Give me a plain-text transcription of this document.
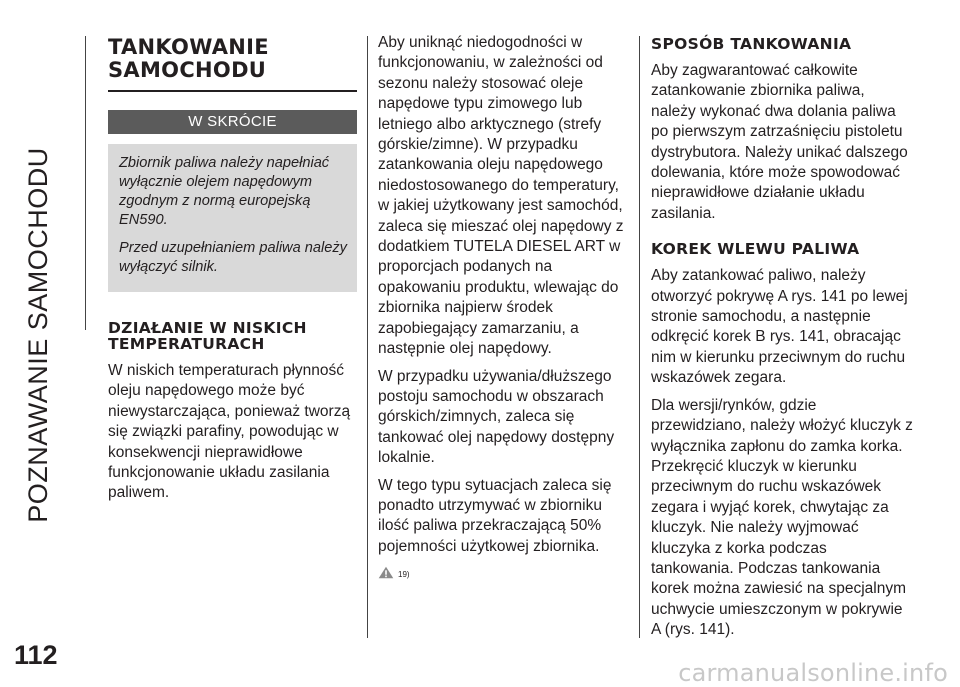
POZNAWANIE SAMOCHODU
112
TANKOWANIE
SAMOCHODU
W SKRÓCIE

Zbiornik paliwa należy napełniać wyłącznie olejem napędowym zgodnym z normą europejską EN590.

Przed uzupełnianiem paliwa należy wyłączyć silnik.

DZIAŁANIE W NISKICH TEMPERATURACH

W niskich temperaturach płynność oleju napędowego może być niewystarczająca, ponieważ tworzą się związki parafiny, powodując w konsekwencji nieprawidłowe funkcjonowanie układu zasilania paliwem.

Aby uniknąć niedogodności w funkcjonowaniu, w zależności od sezonu należy stosować oleje napędowe typu zimowego lub letniego albo arktycznego (strefy górskie/zimne). W przypadku zatankowania oleju napędowego niedostosowanego do temperatury, w jakiej użytkowany jest samochód, zaleca się mieszać olej napędowy z dodatkiem TUTELA DIESEL ART w proporcjach podanych na opakowaniu produktu, wlewając do zbiornika najpierw środek zapobiegający zamarzaniu, a następnie olej napędowy.

W przypadku używania/dłuższego postoju samochodu w obszarach górskich/zimnych, zaleca się tankować olej napędowy dostępny lokalnie.

W tego typu sytuacjach zaleca się ponadto utrzymywać w zbiorniku ilość paliwa przekraczającą 50% pojemności użytkowej zbiornika.

19)
SPOSÓB TANKOWANIA

Aby zagwarantować całkowite zatankowanie zbiornika paliwa, należy wykonać dwa dolania paliwa po pierwszym zatrzaśnięciu pistoletu dystrybutora. Należy unikać dalszego dolewania, które może spowodować nieprawidłowe działanie układu zasilania.

KOREK WLEWU PALIWA

Aby zatankować paliwo, należy otworzyć pokrywę A rys. 141 po lewej stronie samochodu, a następnie odkręcić korek B rys. 141, obracając nim w kierunku przeciwnym do ruchu wskazówek zegara.

Dla wersji/rynków, gdzie przewidziano, należy włożyć kluczyk z wyłącznika zapłonu do zamka korka. Przekręcić kluczyk w kierunku przeciwnym do ruchu wskazówek zegara i wyjąć korek, chwytając za kluczyk. Nie należy wyjmować kluczyka z korka podczas tankowania. Podczas tankowania korek można zawiesić na specjalnym uchwycie umieszczonym w pokrywie A (rys. 141).

carmanualsonline.info
